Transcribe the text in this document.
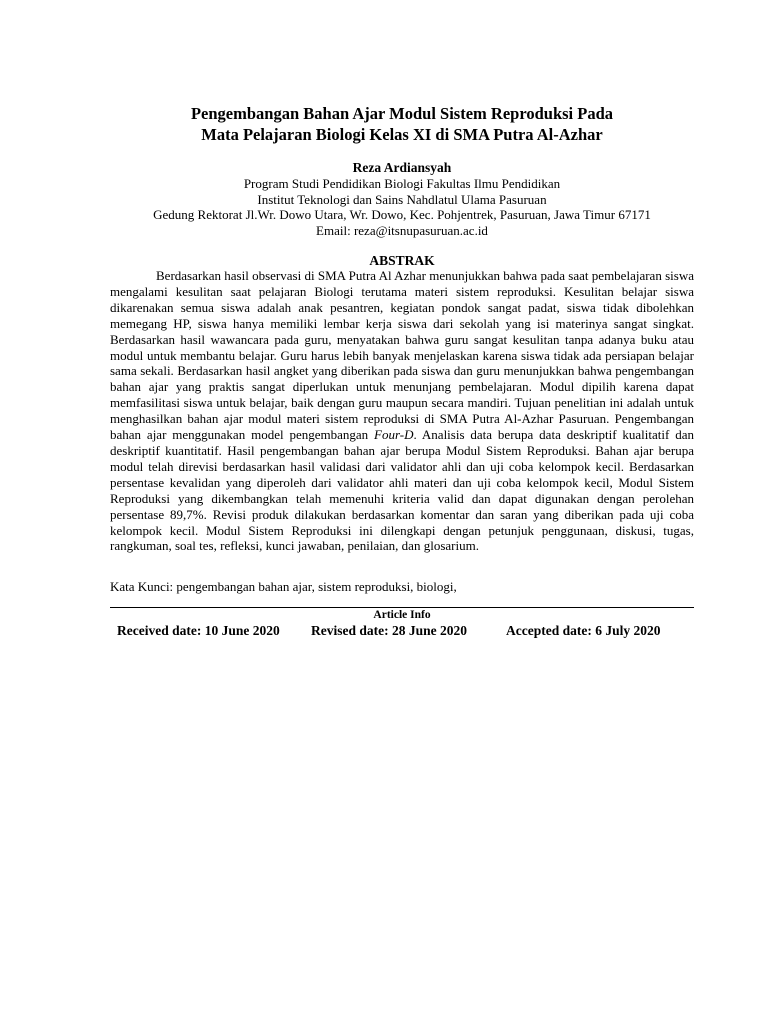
Pengembangan Bahan Ajar Modul Sistem Reproduksi Pada
Mata Pelajaran Biologi Kelas XI di SMA Putra Al-Azhar
Reza Ardiansyah
Program Studi Pendidikan Biologi Fakultas Ilmu Pendidikan
Institut Teknologi dan Sains Nahdlatul Ulama Pasuruan
Gedung Rektorat Jl.Wr. Dowo Utara, Wr. Dowo, Kec. Pohjentrek, Pasuruan, Jawa Timur 67171
Email: reza@itsnupasuruan.ac.id
ABSTRAK

Berdasarkan hasil observasi di SMA Putra Al Azhar menunjukkan bahwa pada saat pembelajaran siswa mengalami kesulitan saat pelajaran Biologi terutama materi sistem reproduksi. Kesulitan belajar siswa dikarenakan semua siswa adalah anak pesantren, kegiatan pondok sangat padat, siswa tidak dibolehkan memegang HP, siswa hanya memiliki lembar kerja siswa dari sekolah yang isi materinya sangat singkat. Berdasarkan hasil wawancara pada guru, menyatakan bahwa guru sangat kesulitan tanpa adanya buku atau modul untuk membantu belajar. Guru harus lebih banyak menjelaskan karena siswa tidak ada persiapan belajar sama sekali. Berdasarkan hasil angket yang diberikan pada siswa dan guru menunjukkan bahwa pengembangan bahan ajar yang praktis sangat diperlukan untuk menunjang pembelajaran. Modul dipilih karena dapat memfasilitasi siswa untuk belajar, baik dengan guru maupun secara mandiri. Tujuan penelitian ini adalah untuk menghasilkan bahan ajar modul materi sistem reproduksi di SMA Putra Al-Azhar Pasuruan. Pengembangan bahan ajar menggunakan model pengembangan Four-D. Analisis data berupa data deskriptif kualitatif dan deskriptif kuantitatif. Hasil pengembangan bahan ajar berupa Modul Sistem Reproduksi. Bahan ajar berupa modul telah direvisi berdasarkan hasil validasi dari validator ahli dan uji coba kelompok kecil. Berdasarkan persentase kevalidan yang diperoleh dari validator ahli materi dan uji coba kelompok kecil, Modul Sistem Reproduksi yang dikembangkan telah memenuhi kriteria valid dan dapat digunakan dengan perolehan persentase 89,7%. Revisi produk dilakukan berdasarkan komentar dan saran yang diberikan pada uji coba kelompok kecil. Modul Sistem Reproduksi ini dilengkapi dengan petunjuk penggunaan, diskusi, tugas, rangkuman, soal tes, refleksi, kunci jawaban, penilaian, dan glosarium.

Kata Kunci: pengembangan bahan ajar, sistem reproduksi, biologi,
Article Info
Received date: 10 June 2020 Revised date: 28 June 2020	Accepted date: 6 July 2020
